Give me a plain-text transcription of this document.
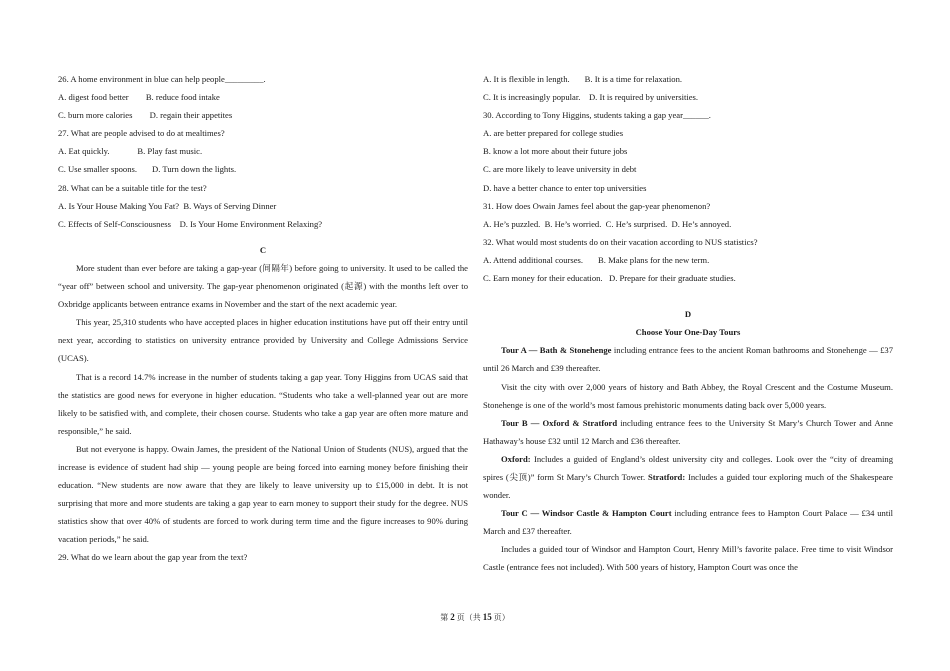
26. A home environment in blue can help people_________.
A. digest food better        B. reduce food intake
C. burn more calories        D. regain their appetites
27. What are people advised to do at mealtimes?
A. Eat quickly.             B. Play fast music.
C. Use smaller spoons.       D. Turn down the lights.
28. What can be a suitable title for the test?
A. Is Your House Making You Fat?  B. Ways of Serving Dinner
C. Effects of Self-Consciousness    D. Is Your Home Environment Relaxing?
C
More student than ever before are taking a gap-year (间隔年) before going to university. It used to be called the “year off” between school and university. The gap-year phenomenon originated (起源) with the months left over to Oxbridge applicants between entrance exams in November and the start of the next academic year.
This year, 25,310 students who have accepted places in higher education institutions have put off their entry until next year, according to statistics on university entrance provided by University and College Admissions Service (UCAS).
That is a record 14.7% increase in the number of students taking a gap year. Tony Higgins from UCAS said that the statistics are good news for everyone in higher education. “Students who take a well-planned year out are more likely to be satisfied with, and complete, their chosen course. Students who take a gap year are often more mature and responsible,” he said.
But not everyone is happy. Owain James, the president of the National Union of Students (NUS), argued that the increase is evidence of student had ship — young people are being forced into earning money before finishing their education. “New students are now aware that they are likely to leave university up to £15,000 in debt. It is not surprising that more and more students are taking a gap year to earn money to support their study for the degree. NUS statistics show that over 40% of students are forced to work during term time and the figure increases to 90% during vacation periods,” he said.
29. What do we learn about the gap year from the text?
A. It is flexible in length.       B. It is a time for relaxation.
C. It is increasingly popular.    D. It is required by universities.
30. According to Tony Higgins, students taking a gap year______.
A. are better prepared for college studies
B. know a lot more about their future jobs
C. are more likely to leave university in debt
D. have a better chance to enter top universities
31. How does Owain James feel about the gap-year phenomenon?
A. He’s puzzled.  B. He’s worried.  C. He’s surprised.  D. He’s annoyed.
32. What would most students do on their vacation according to NUS statistics?
A. Attend additional courses.       B. Make plans for the new term.
C. Earn money for their education.   D. Prepare for their graduate studies.
D
Choose Your One-Day Tours
Tour A — Bath & Stonehenge including entrance fees to the ancient Roman bathrooms and Stonehenge — £37 until 26 March and £39 thereafter.
Visit the city with over 2,000 years of history and Bath Abbey, the Royal Crescent and the Costume Museum. Stonehenge is one of the world’s most famous prehistoric monuments dating back over 5,000 years.
Tour B — Oxford & Stratford including entrance fees to the University St Mary’s Church Tower and Anne Hathaway’s house £32 until 12 March and £36 thereafter.
Oxford: Includes a guided of England’s oldest university city and colleges. Look over the “city of dreaming spires (尖顶)” form St Mary’s Church Tower. Stratford: Includes a guided tour exploring much of the Shakespeare wonder.
Tour C — Windsor Castle & Hampton Court including entrance fees to Hampton Court Palace — £34 until March and £37 thereafter.
Includes a guided tour of Windsor and Hampton Court, Henry Mill’s favorite palace. Free time to visit Windsor Castle (entrance fees not included). With 500 years of history, Hampton Court was once the
第 2 页（共 15 页）
